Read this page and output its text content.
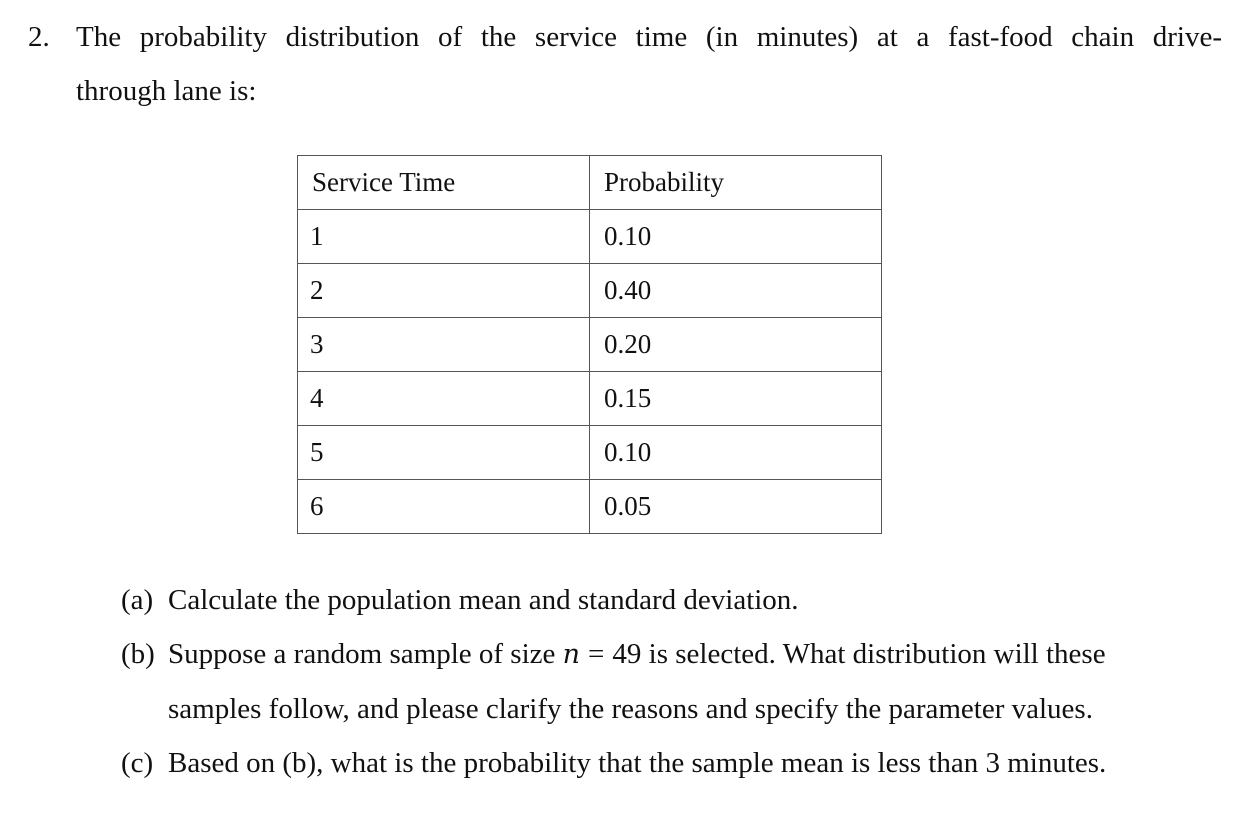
2. The probability distribution of the service time (in minutes) at a fast-food chain drive-
through lane is:
Service Time	Probability
1	0.10
2	0.40
3	0.20
4	0.15
5	0.10
6	0.05
(a) Calculate the population mean and standard deviation.
(b) Suppose a random sample of size n = 49 is selected. What distribution will these
samples follow, and please clarify the reasons and specify the parameter values.
(c) Based on (b), what is the probability that the sample mean is less than 3 minutes.
